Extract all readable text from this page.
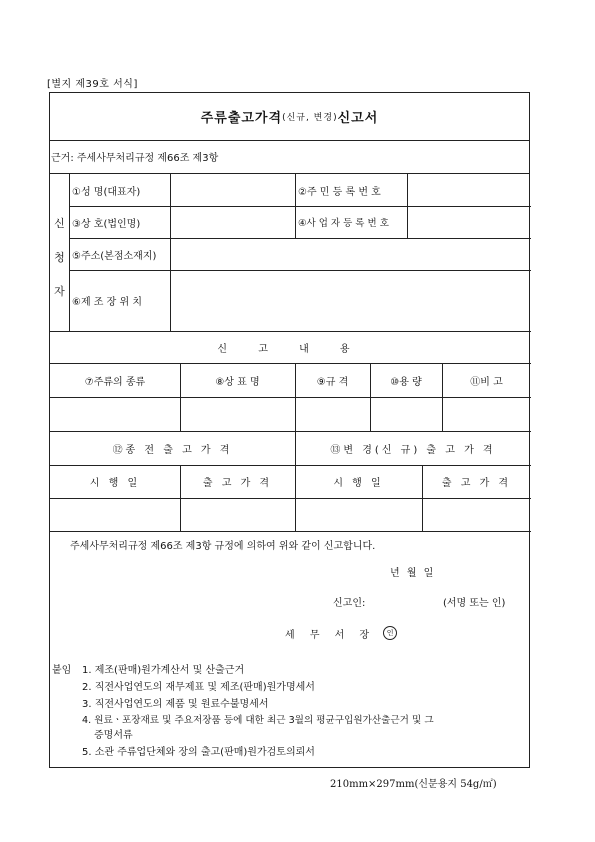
[별지 제39호 서식]
주류출고가격 (신규, 변경) 신고서
근거: 주세사무처리규정 제66조 제3항
신
청
자
①성 명(대표자)	②주 민 등 록 번 호
③상 호(법인명)	④사 업 자 등 록 번 호
⑤주소(본점소재지)
⑥제 조 장 위 치
신 고 내 용
⑦주류의 종류	⑧상 표 명	⑨규 격	⑩용 량	⑪비 고
⑫종 전 출 고 가 격	⑬변 경(신 규) 출 고 가 격
시 행 일	출 고 가 격	시 행 일	출 고 가 격
주세사무처리규정 제66조 제3항 규정에 의하여 위와 같이 신고합니다.
년 월 일
신고인:	(서명 또는 인)
세 무 서 장	인
붙임 1. 제조(판매)원가계산서 및 산출근거
2. 직전사업연도의 재무제표 및 제조(판매)원가명세서
3. 직전사업연도의 제품 및 원료수불명세서
4. 원료ㆍ포장재료 및 주요저장품 등에 대한 최근 3월의 평균구입원가산출근거 및 그
증명서류
5. 소관 주류업단체와 장의 출고(판매)원가검토의뢰서
210mm×297mm(신문용지 54g/㎡)
